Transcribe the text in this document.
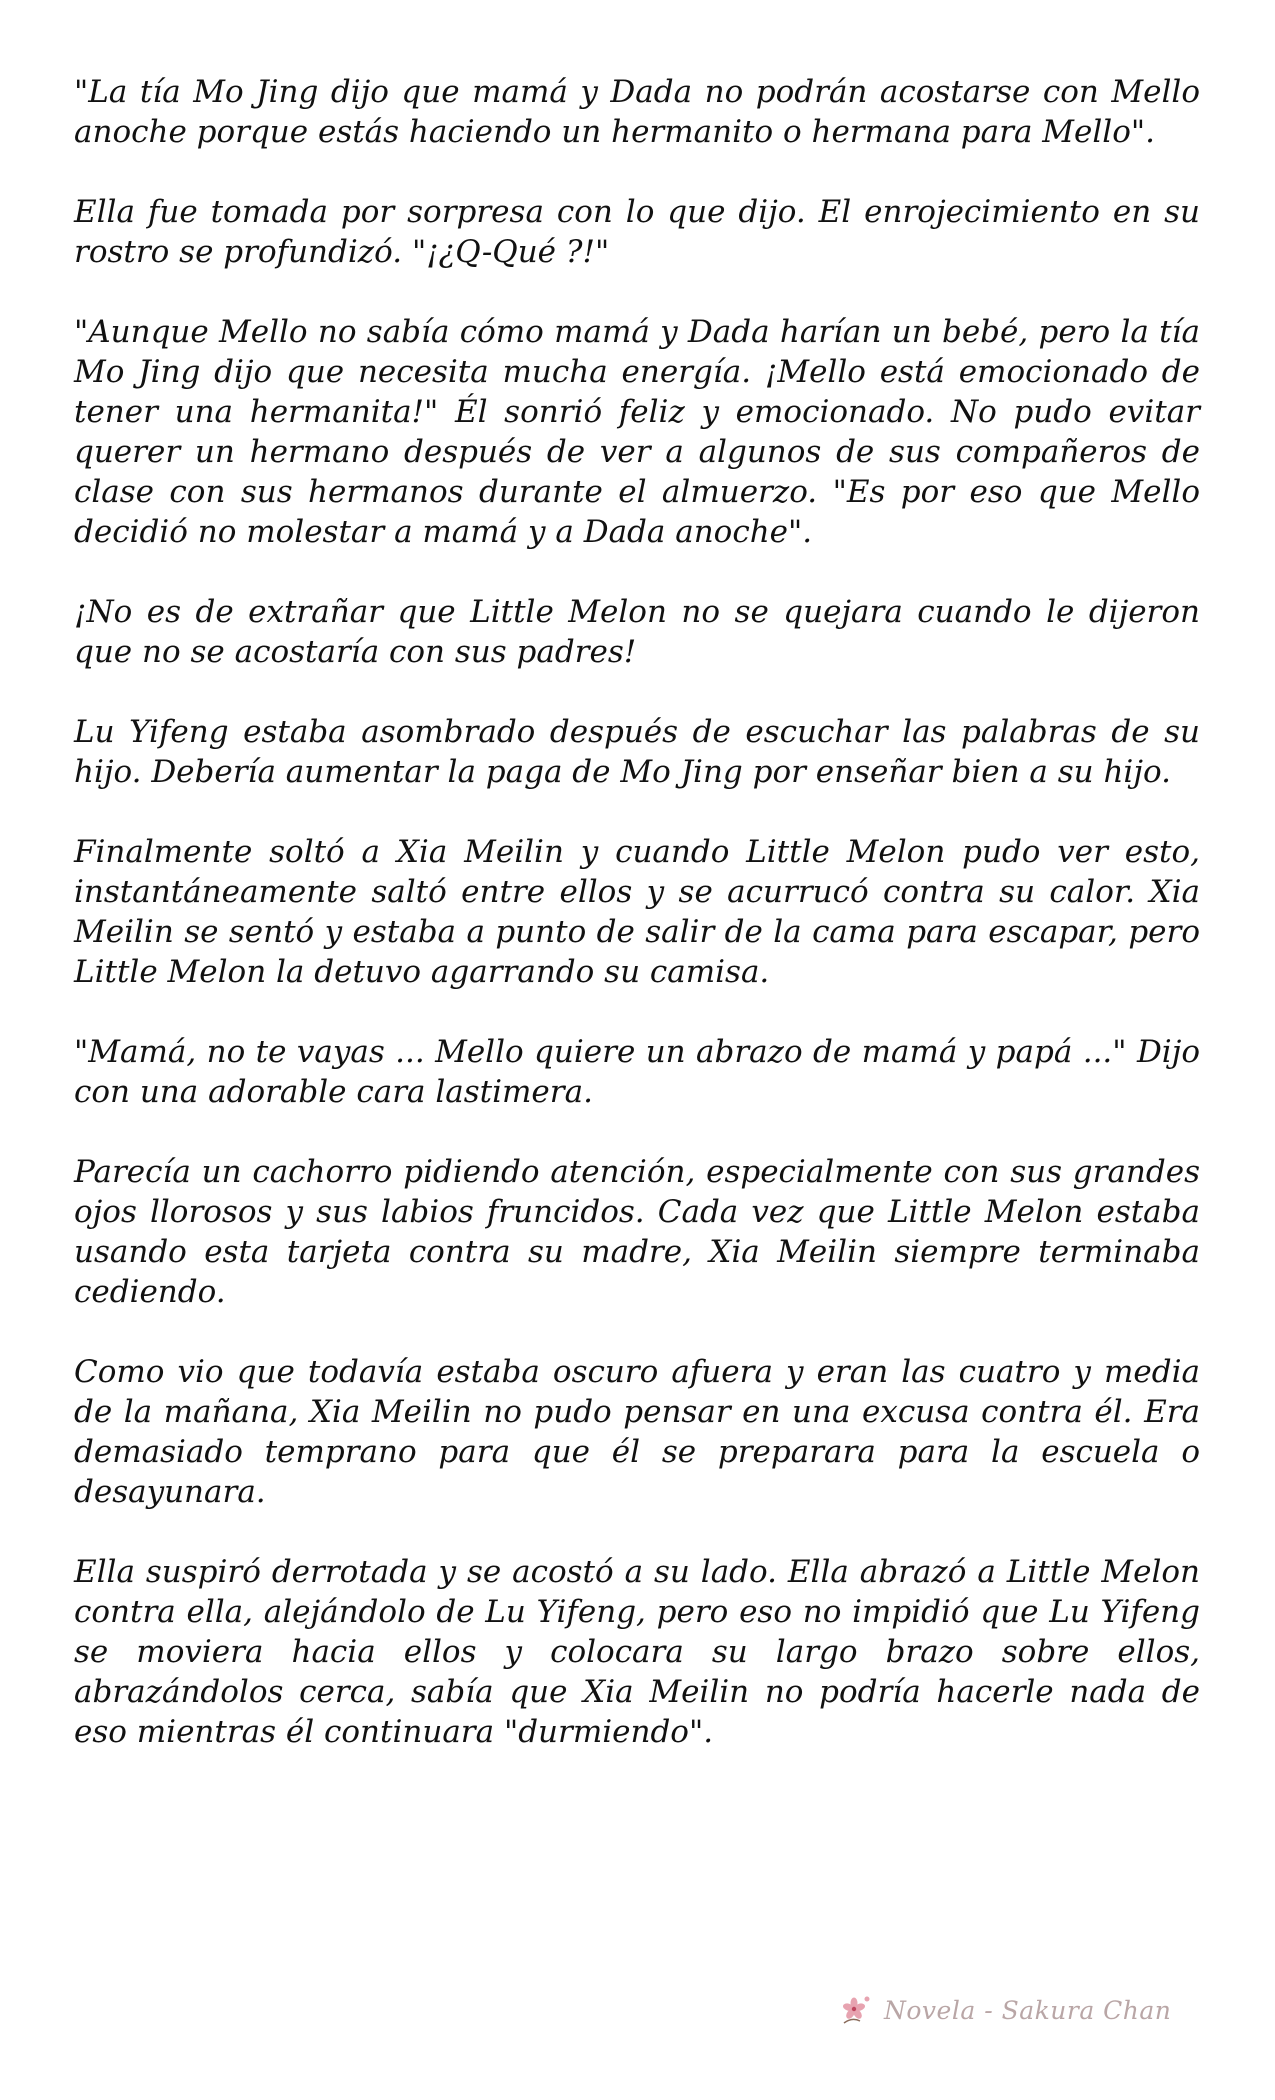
"La tía Mo Jing dijo que mamá y Dada no podrán acostarse con Mello anoche porque estás haciendo un hermanito o hermana para Mello".

Ella fue tomada por sorpresa con lo que dijo. El enrojecimiento en su rostro se profundizó. "¡¿Q-Qué ?!"

"Aunque Mello no sabía cómo mamá y Dada harían un bebé, pero la tía Mo Jing dijo que necesita mucha energía. ¡Mello está emocionado de tener una hermanita!" Él sonrió feliz y emocionado. No pudo evitar querer un hermano después de ver a algunos de sus compañeros de clase con sus hermanos durante el almuerzo. "Es por eso que Mello decidió no molestar a mamá y a Dada anoche".

¡No es de extrañar que Little Melon no se quejara cuando le dijeron que no se acostaría con sus padres!

Lu Yifeng estaba asombrado después de escuchar las palabras de su hijo. Debería aumentar la paga de Mo Jing por enseñar bien a su hijo.

Finalmente soltó a Xia Meilin y cuando Little Melon pudo ver esto, instantáneamente saltó entre ellos y se acurrucó contra su calor. Xia Meilin se sentó y estaba a punto de salir de la cama para escapar, pero Little Melon la detuvo agarrando su camisa.

"Mamá, no te vayas ... Mello quiere un abrazo de mamá y papá ..." Dijo con una adorable cara lastimera.

Parecía un cachorro pidiendo atención, especialmente con sus grandes ojos llorosos y sus labios fruncidos. Cada vez que Little Melon estaba usando esta tarjeta contra su madre, Xia Meilin siempre terminaba cediendo.

Como vio que todavía estaba oscuro afuera y eran las cuatro y media de la mañana, Xia Meilin no pudo pensar en una excusa contra él. Era demasiado temprano para que él se preparara para la escuela o desayunara.

Ella suspiró derrotada y se acostó a su lado. Ella abrazó a Little Melon contra ella, alejándolo de Lu Yifeng, pero eso no impidió que Lu Yifeng se moviera hacia ellos y colocara su largo brazo sobre ellos, abrazándolos cerca, sabía que Xia Meilin no podría hacerle nada de eso mientras él continuara "durmiendo".

Novela - Sakura Chan
